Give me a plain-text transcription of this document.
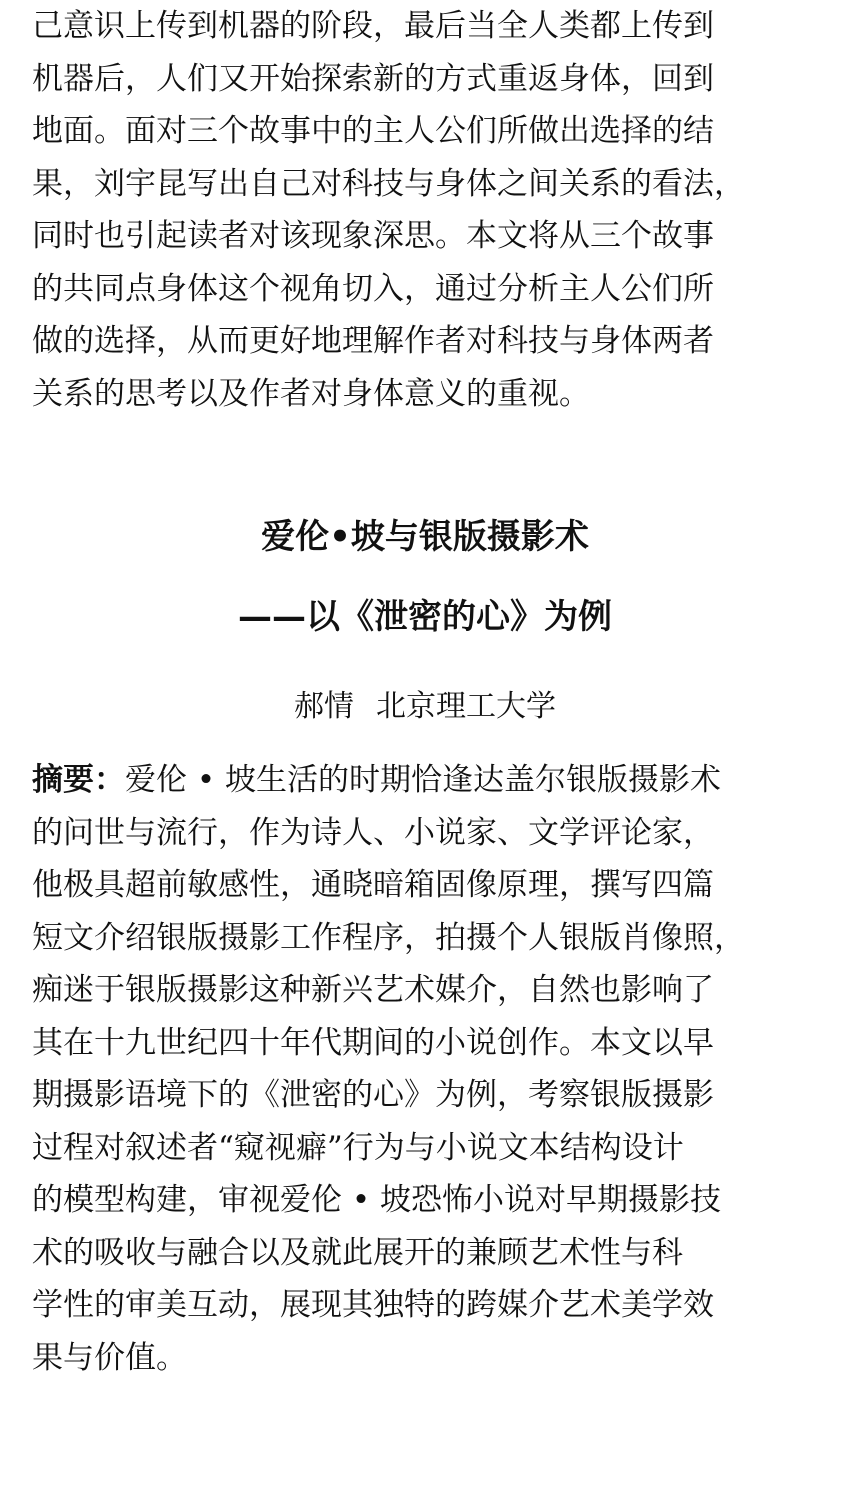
己意识上传到机器的阶段，最后当全人类都上传到
机器后，人们又开始探索新的方式重返身体，回到
地面。面对三个故事中的主人公们所做出选择的结
果，刘宇昆写出自己对科技与身体之间关系的看法，
同时也引起读者对该现象深思。本文将从三个故事
的共同点身体这个视角切入，通过分析主人公们所
做的选择，从而更好地理解作者对科技与身体两者
关系的思考以及作者对身体意义的重视。
爱伦•坡与银版摄影术
——以《泄密的心》为例
郝情 北京理工大学
摘要：爱伦 • 坡生活的时期恰逢达盖尔银版摄影术
的问世与流行，作为诗人、小说家、文学评论家，
他极具超前敏感性，通晓暗箱固像原理，撰写四篇
短文介绍银版摄影工作程序，拍摄个人银版肖像照，
痴迷于银版摄影这种新兴艺术媒介，自然也影响了
其在十九世纪四十年代期间的小说创作。本文以早
期摄影语境下的《泄密的心》为例，考察银版摄影
过程对叙述者“窥视癖”行为与小说文本结构设计
的模型构建，审视爱伦 • 坡恐怖小说对早期摄影技
术的吸收与融合以及就此展开的兼顾艺术性与科
学性的审美互动，展现其独特的跨媒介艺术美学效
果与价值。
